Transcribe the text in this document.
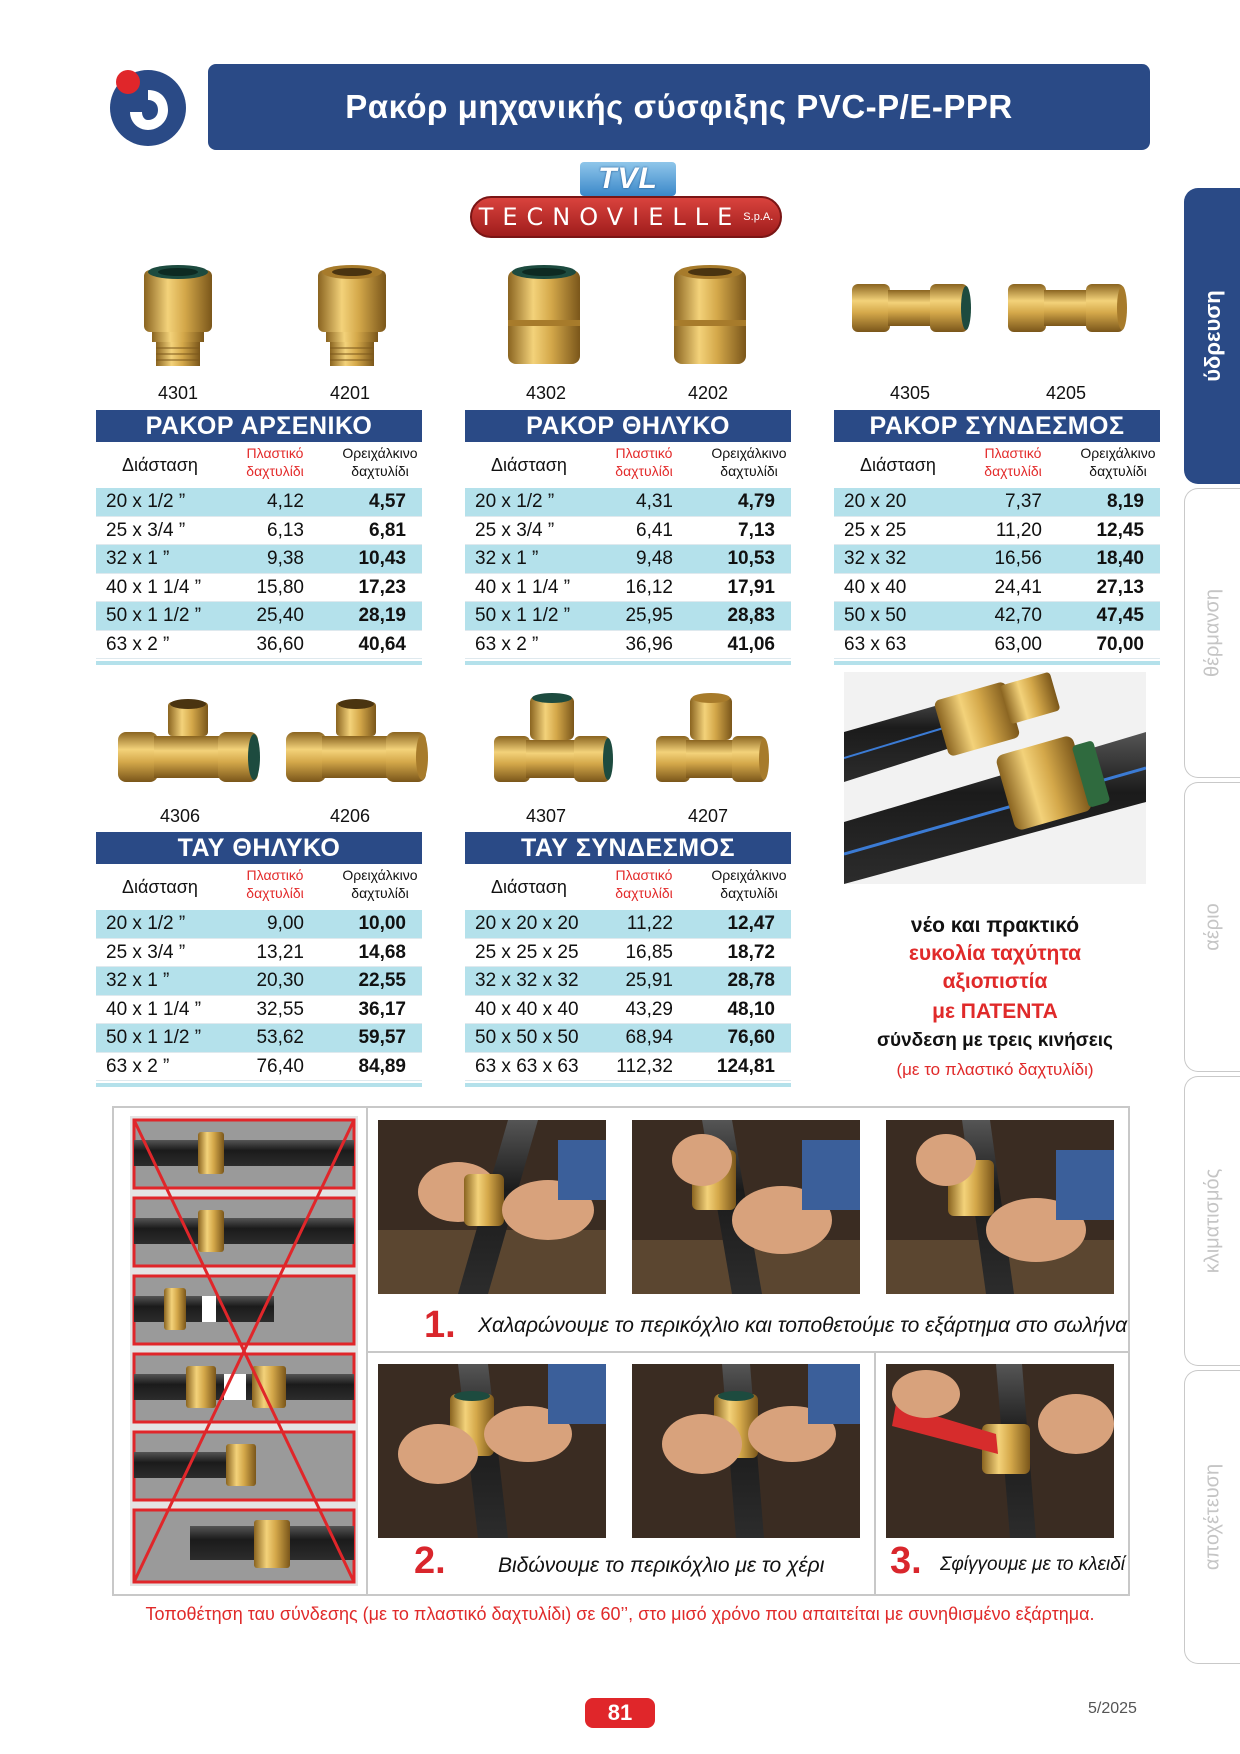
Ρακόρ μηχανικής σύσφιξης PVC-P/E-PPR
TVL
TECNOVIELLE S.p.A.
4301	4201	4302	4202	4305	4205
ΡΑΚΟΡ ΑΡΣΕΝΙΚΟ
Διάσταση
Πλαστικό δαχτυλίδι
Ορειχάλκινο δαχτυλίδι
20 x 1/2 ”	4,12	4,57
25 x 3/4 ”	6,13	6,81
32 x 1 ”	9,38	10,43
40 x 1 1/4 ”	15,80	17,23
50 x 1 1/2 ”	25,40	28,19
63 x 2 ”	36,60	40,64
ΡΑΚΟΡ ΘΗΛΥΚΟ
Διάσταση
Πλαστικό δαχτυλίδι
Ορειχάλκινο δαχτυλίδι
20 x 1/2 ”	4,31	4,79
25 x 3/4 ”	6,41	7,13
32 x 1 ”	9,48	10,53
40 x 1 1/4 ”	16,12	17,91
50 x 1 1/2 ”	25,95	28,83
63 x 2 ”	36,96	41,06
ΡΑΚΟΡ ΣΥΝΔΕΣΜΟΣ
Διάσταση
Πλαστικό δαχτυλίδι
Ορειχάλκινο δαχτυλίδι
20 x 20	7,37	8,19
25 x 25	11,20	12,45
32 x 32	16,56	18,40
40 x 40	24,41	27,13
50 x 50	42,70	47,45
63 x 63	63,00	70,00
4306	4206	4307	4207
ΤΑΥ ΘΗΛΥΚΟ
Διάσταση
Πλαστικό δαχτυλίδι
Ορειχάλκινο δαχτυλίδι
20 x 1/2 ”	9,00	10,00
25 x 3/4 ”	13,21	14,68
32 x 1 ”	20,30	22,55
40 x 1 1/4 ”	32,55	36,17
50 x 1 1/2 ”	53,62	59,57
63 x 2 ”	76,40	84,89
ΤΑΥ ΣΥΝΔΕΣΜΟΣ
Διάσταση
Πλαστικό δαχτυλίδι
Ορειχάλκινο δαχτυλίδι
20 x 20 x 20	11,22	12,47
25 x 25 x 25 16,85	18,72
32 x 32 x 32 25,91	28,78
40 x 40 x 40 43,29	48,10
50 x 50 x 50 68,94	76,60
63 x 63 x 63 112,32 124,81
νέο και πρακτικό
ευκολία ταχύτητα
αξιοπιστία
με ΠΑΤΕΝΤΑ
σύνδεση με τρεις κινήσεις
(με το πλαστικό δαχτυλίδι)
ύδρευση
θέρμανση
αέριο
κλιματισμός
αποχέτευση
1. Χαλαρώνουμε το περικόχλιο και τοποθετούμε το εξάρτημα στο σωλήνα
2. Βιδώνουμε το περικόχλιο με το χέρι 3. Σφίγγουμε με το κλειδί
Τοποθέτηση ταυ σύνδεσης (με το πλαστικό δαχτυλίδι) σε 60’’, στο μισό χρόνο που απαιτείται με συνηθισμένο εξάρτημα.
81	5/2025
